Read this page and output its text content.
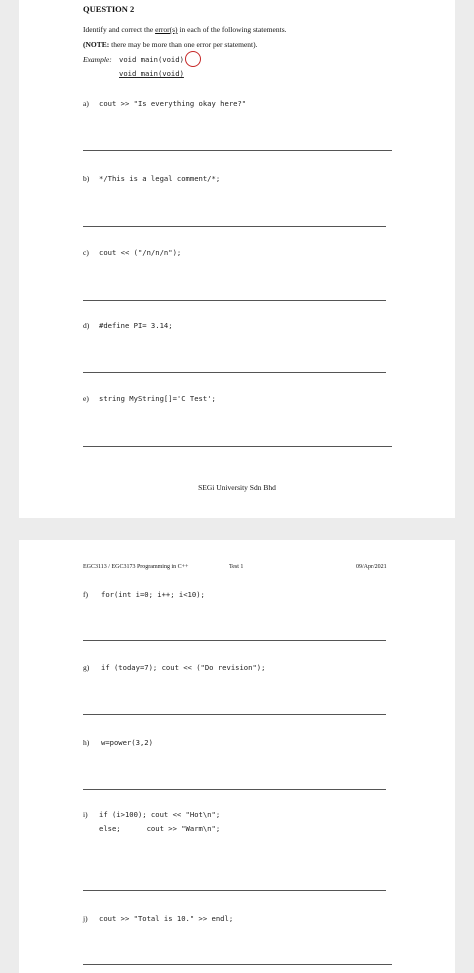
QUESTION 2
Identify and correct the error(s) in each of the following statements.
(NOTE: there may be more than one error per statement).
Example: void main(void)
void main(void)
a) cout >> "Is everything okay here?"
b) */This is a legal comment/*;
c) cout << ("/n/n/n");
d) #define PI= 3.14;
e) string MyString[]='C Test';
SEGi University Sdn Bhd
EGC3113 / EGC3173 Programming in C++	Test 1	09/Apr/2021
f) for(int i=0; i++; i<10);
g) if (today=7); cout << ("Do revision");
h) w=power(3,2)
i) if (i>100); cout << "Hot\n";
else;      cout >> "Warm\n";
j) cout >> "Total is 10." >> endl;
